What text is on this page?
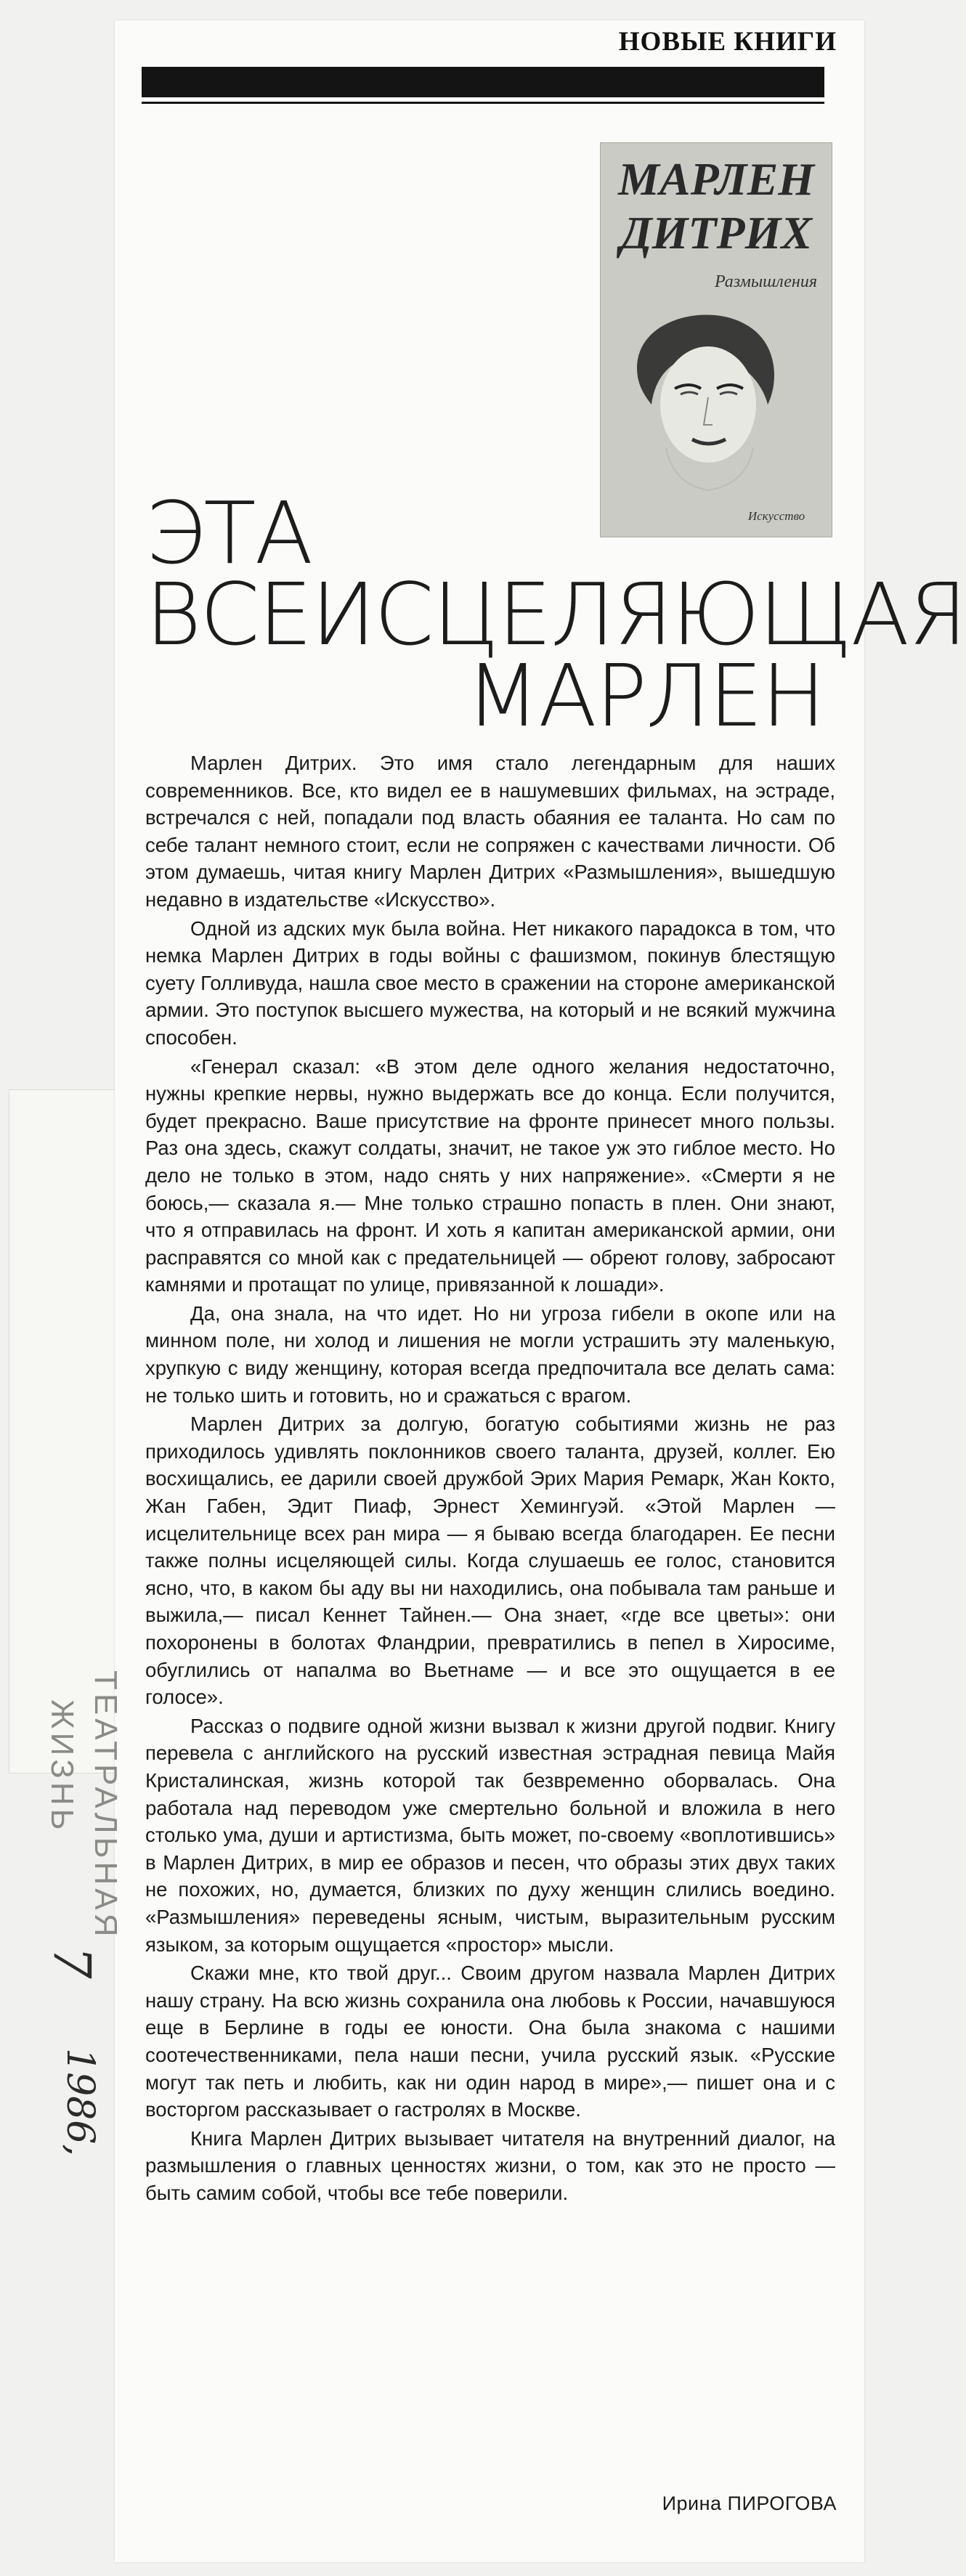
НОВЫЕ КНИГИ
МАРЛЕН
ДИТРИХ
Размышления
Искусство
ЭТА
ВСЕИСЦЕЛЯЮЩАЯ
МАРЛЕН

Марлен Дитрих. Это имя стало легендарным для наших современников. Все, кто видел ее в нашумевших фильмах, на эстраде, встречался с ней, попадали под власть обаяния ее таланта. Но сам по себе талант немного стоит, если не сопряжен с качествами личности. Об этом думаешь, читая книгу Марлен Дитрих «Размышления», вышедшую недавно в издательстве «Искусство».

Одной из адских мук была война. Нет никакого парадокса в том, что немка Марлен Дитрих в годы войны с фашизмом, покинув блестящую суету Голливуда, нашла свое место в сражении на стороне американской армии. Это поступок высшего мужества, на который и не всякий мужчина способен.

«Генерал сказал: «В этом деле одного желания недостаточно, нужны крепкие нервы, нужно выдержать все до конца. Если получится, будет прекрасно. Ваше присутствие на фронте принесет много пользы. Раз она здесь, скажут солдаты, значит, не такое уж это гиблое место. Но дело не только в этом, надо снять у них напряжение». «Смерти я не боюсь,— сказала я.— Мне только страшно попасть в плен. Они знают, что я отправилась на фронт. И хоть я капитан американской армии, они расправятся со мной как с предательницей — обреют голову, забросают камнями и протащат по улице, привязанной к лошади».

Да, она знала, на что идет. Но ни угроза гибели в окопе или на минном поле, ни холод и лишения не могли устрашить эту маленькую, хрупкую с виду женщину, которая всегда предпочитала все делать сама: не только шить и готовить, но и сражаться с врагом.

Марлен Дитрих за долгую, богатую событиями жизнь не раз приходилось удивлять поклонников своего таланта, друзей, коллег. Ею восхищались, ее дарили своей дружбой Эрих Мария Ремарк, Жан Кокто, Жан Габен, Эдит Пиаф, Эрнест Хемингуэй. «Этой Марлен — исцелительнице всех ран мира — я бываю всегда благодарен. Ее песни также полны исцеляющей силы. Когда слушаешь ее голос, становится ясно, что, в каком бы аду вы ни находились, она побывала там раньше и выжила,— писал Кеннет Тайнен.— Она знает, «где все цветы»: они похоронены в болотах Фландрии, превратились в пепел в Хиросиме, обуглились от напалма во Вьетнаме — и все это ощущается в ее голосе».

Рассказ о подвиге одной жизни вызвал к жизни другой подвиг. Книгу перевела с английского на русский известная эстрадная певица Майя Кристалинская, жизнь которой так безвременно оборвалась. Она работала над переводом уже смертельно больной и вложила в него столько ума, души и артистизма, быть может, по-своему «воплотившись» в Марлен Дитрих, в мир ее образов и песен, что образы этих двух таких не похожих, но, думается, близких по духу женщин слились воедино. «Размышления» переведены ясным, чистым, выразительным русским языком, за которым ощущается «простор» мысли.

Скажи мне, кто твой друг... Своим другом назвала Марлен Дитрих нашу страну. На всю жизнь сохранила она любовь к России, начавшуюся еще в Берлине в годы ее юности. Она была знакома с нашими соотечественниками, пела наши песни, учила русский язык. «Русские могут так петь и любить, как ни один народ в мире»,— пишет она и с восторгом рассказывает о гастролях в Москве.

Книга Марлен Дитрих вызывает читателя на внутренний диалог, на размышления о главных ценностях жизни, о том, как это не просто — быть самим собой, чтобы все тебе поверили.

Ирина ПИРОГОВА
ТЕАТРАЛЬНАЯ
ЖИЗНЬ
7
1986,
